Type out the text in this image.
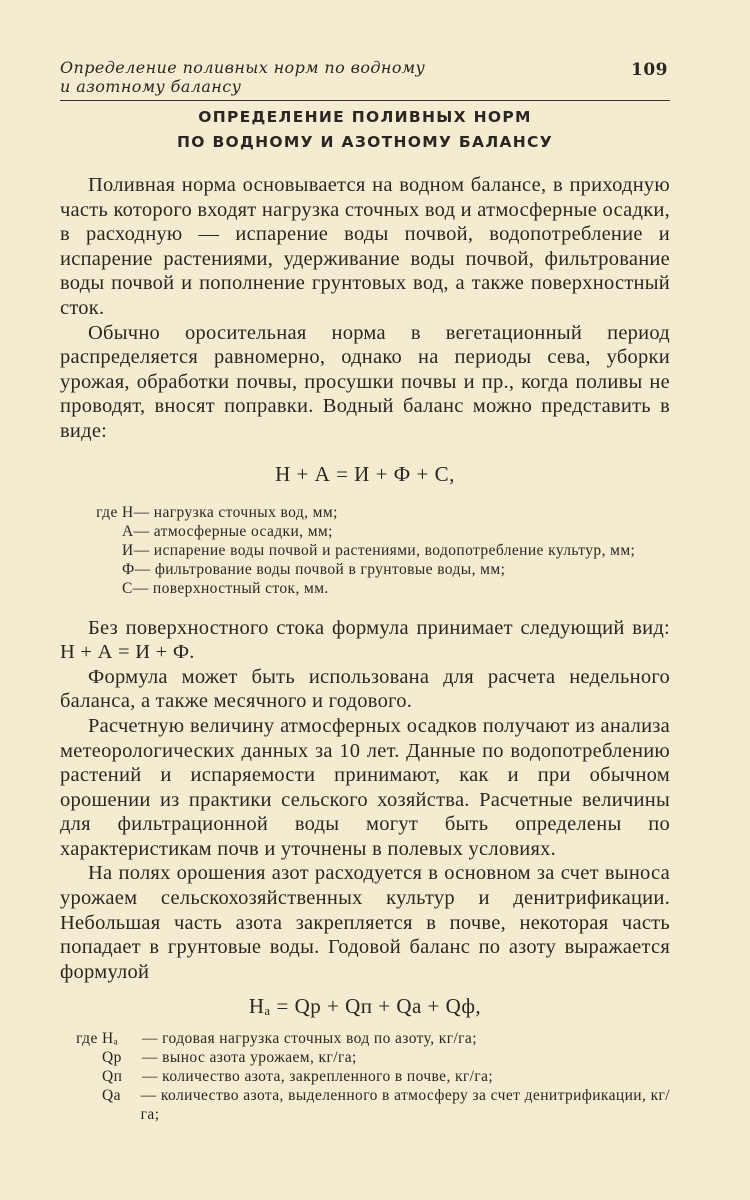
Определение поливных норм по водному
и азотному балансу
109
ОПРЕДЕЛЕНИЕ ПОЛИВНЫХ НОРМ
ПО ВОДНОМУ И АЗОТНОМУ БАЛАНСУ

Поливная норма основывается на водном балансе, в приходную часть которого входят нагрузка сточных вод и атмосферные осадки, в расходную — испарение воды почвой, водопотребление и испарение растениями, удерживание воды почвой, фильтрование воды почвой и пополнение грунтовых вод, а также поверхностный сток.

Обычно оросительная норма в вегетационный период распределяется равномерно, однако на периоды сева, уборки урожая, обработки почвы, просушки почвы и пр., когда поливы не проводят, вносят поправки. Водный баланс можно представить в виде:

Н + А = И + Ф + С,
где Н — нагрузка сточных вод, мм;
А — атмосферные осадки, мм;
И — испарение воды почвой и растениями, водопотребление культур, мм;
Ф — фильтрование воды почвой в грунтовые воды, мм;
С — поверхностный сток, мм.

Без поверхностного стока формула принимает следующий вид: Н + А = И + Ф.

Формула может быть использована для расчета недельного баланса, а также месячного и годового.

Расчетную величину атмосферных осадков получают из анализа метеорологических данных за 10 лет. Данные по водопотреблению растений и испаряемости принимают, как и при обычном орошении из практики сельского хозяйства. Расчетные величины для фильтрационной воды могут быть определены по характеристикам почв и уточнены в полевых условиях.

На полях орошения азот расходуется в основном за счет выноса урожаем сельскохозяйственных культур и денитрификации. Небольшая часть азота закрепляется в почве, некоторая часть попадает в грунтовые воды. Годовой баланс по азоту выражается формулой

Нₐ = Qр + Qп + Qа + Qф,
где Нₐ	— годовая нагрузка сточных вод по азоту, кг/га;
Qр	— вынос азота урожаем, кг/га;
Qп	— количество азота, закрепленного в почве, кг/га;
Qа	— количество азота, выделенного в атмосферу за счет денитрификации, кг/га;
